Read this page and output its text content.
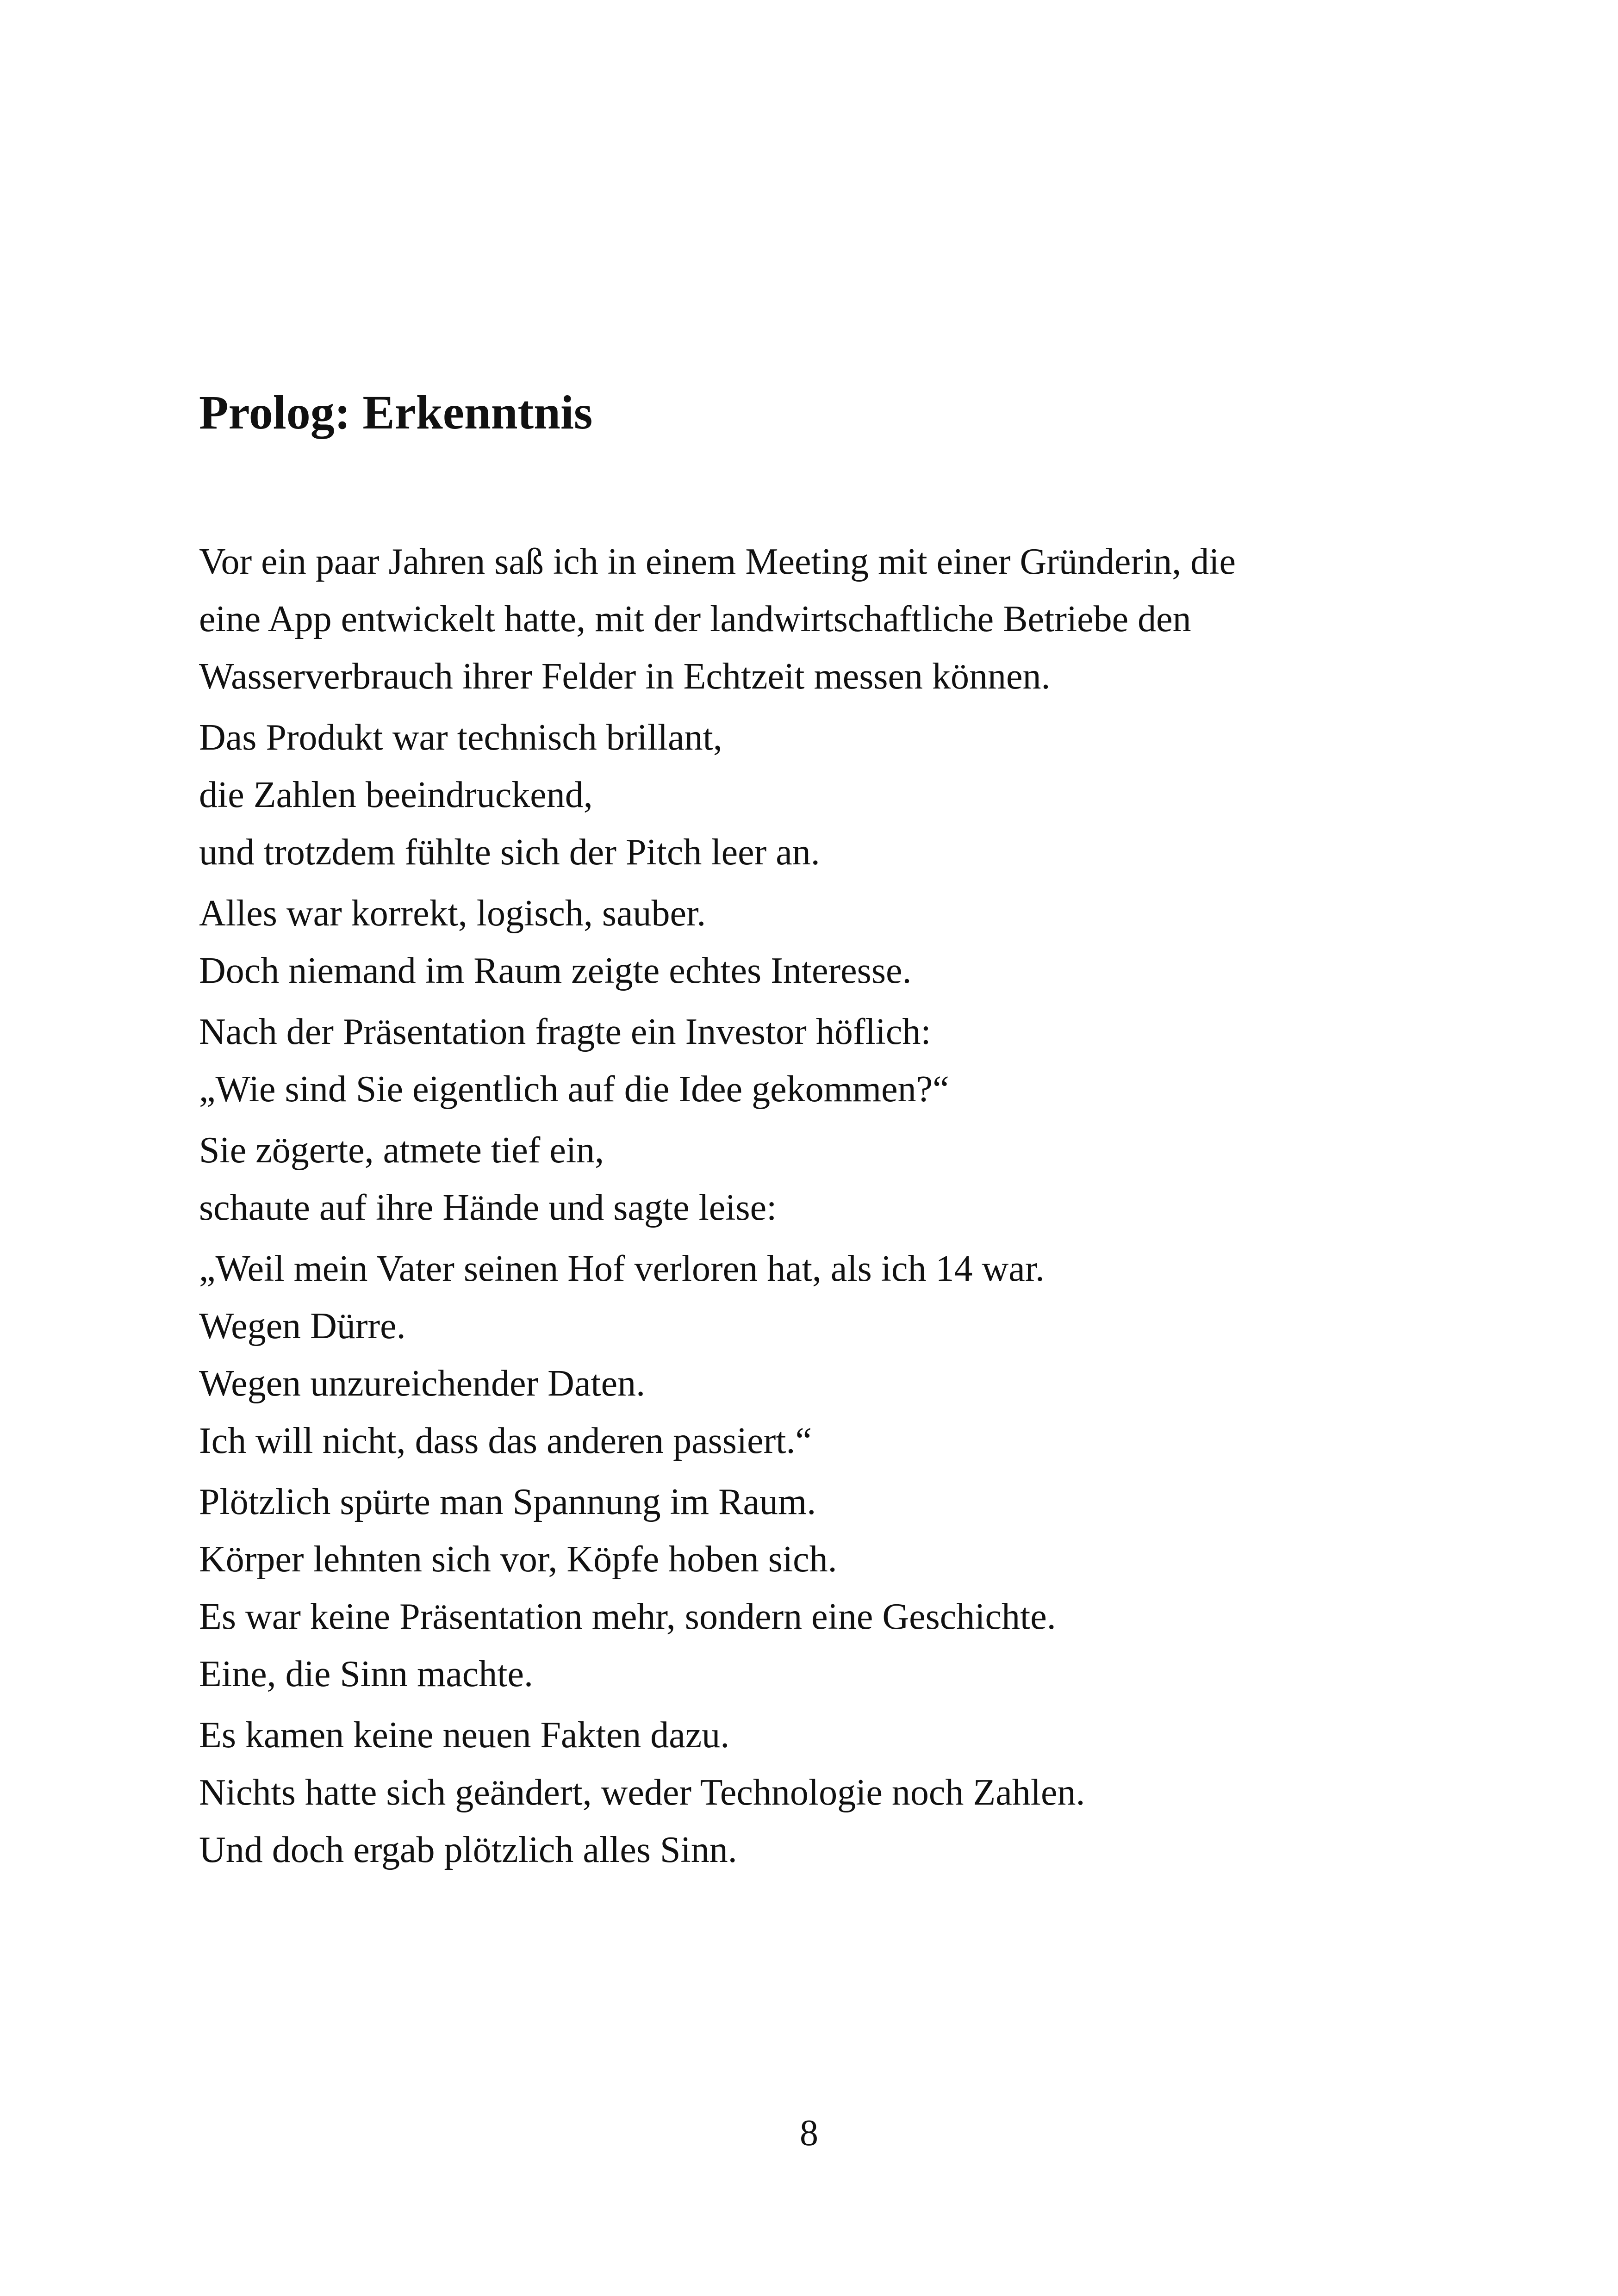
Prolog: Erkenntnis

Vor ein paar Jahren saß ich in einem Meeting mit einer Gründerin, die
eine App entwickelt hatte, mit der landwirtschaftliche Betriebe den
Wasserverbrauch ihrer Felder in Echtzeit messen können.

Das Produkt war technisch brillant,
die Zahlen beeindruckend,
und trotzdem fühlte sich der Pitch leer an.

Alles war korrekt, logisch, sauber.
Doch niemand im Raum zeigte echtes Interesse.

Nach der Präsentation fragte ein Investor höflich:
„Wie sind Sie eigentlich auf die Idee gekommen?“

Sie zögerte, atmete tief ein,
schaute auf ihre Hände und sagte leise:

„Weil mein Vater seinen Hof verloren hat, als ich 14 war.
Wegen Dürre.
Wegen unzureichender Daten.
Ich will nicht, dass das anderen passiert.“

Plötzlich spürte man Spannung im Raum.
Körper lehnten sich vor, Köpfe hoben sich.
Es war keine Präsentation mehr, sondern eine Geschichte.
Eine, die Sinn machte.

Es kamen keine neuen Fakten dazu.
Nichts hatte sich geändert, weder Technologie noch Zahlen.
Und doch ergab plötzlich alles Sinn.

8
